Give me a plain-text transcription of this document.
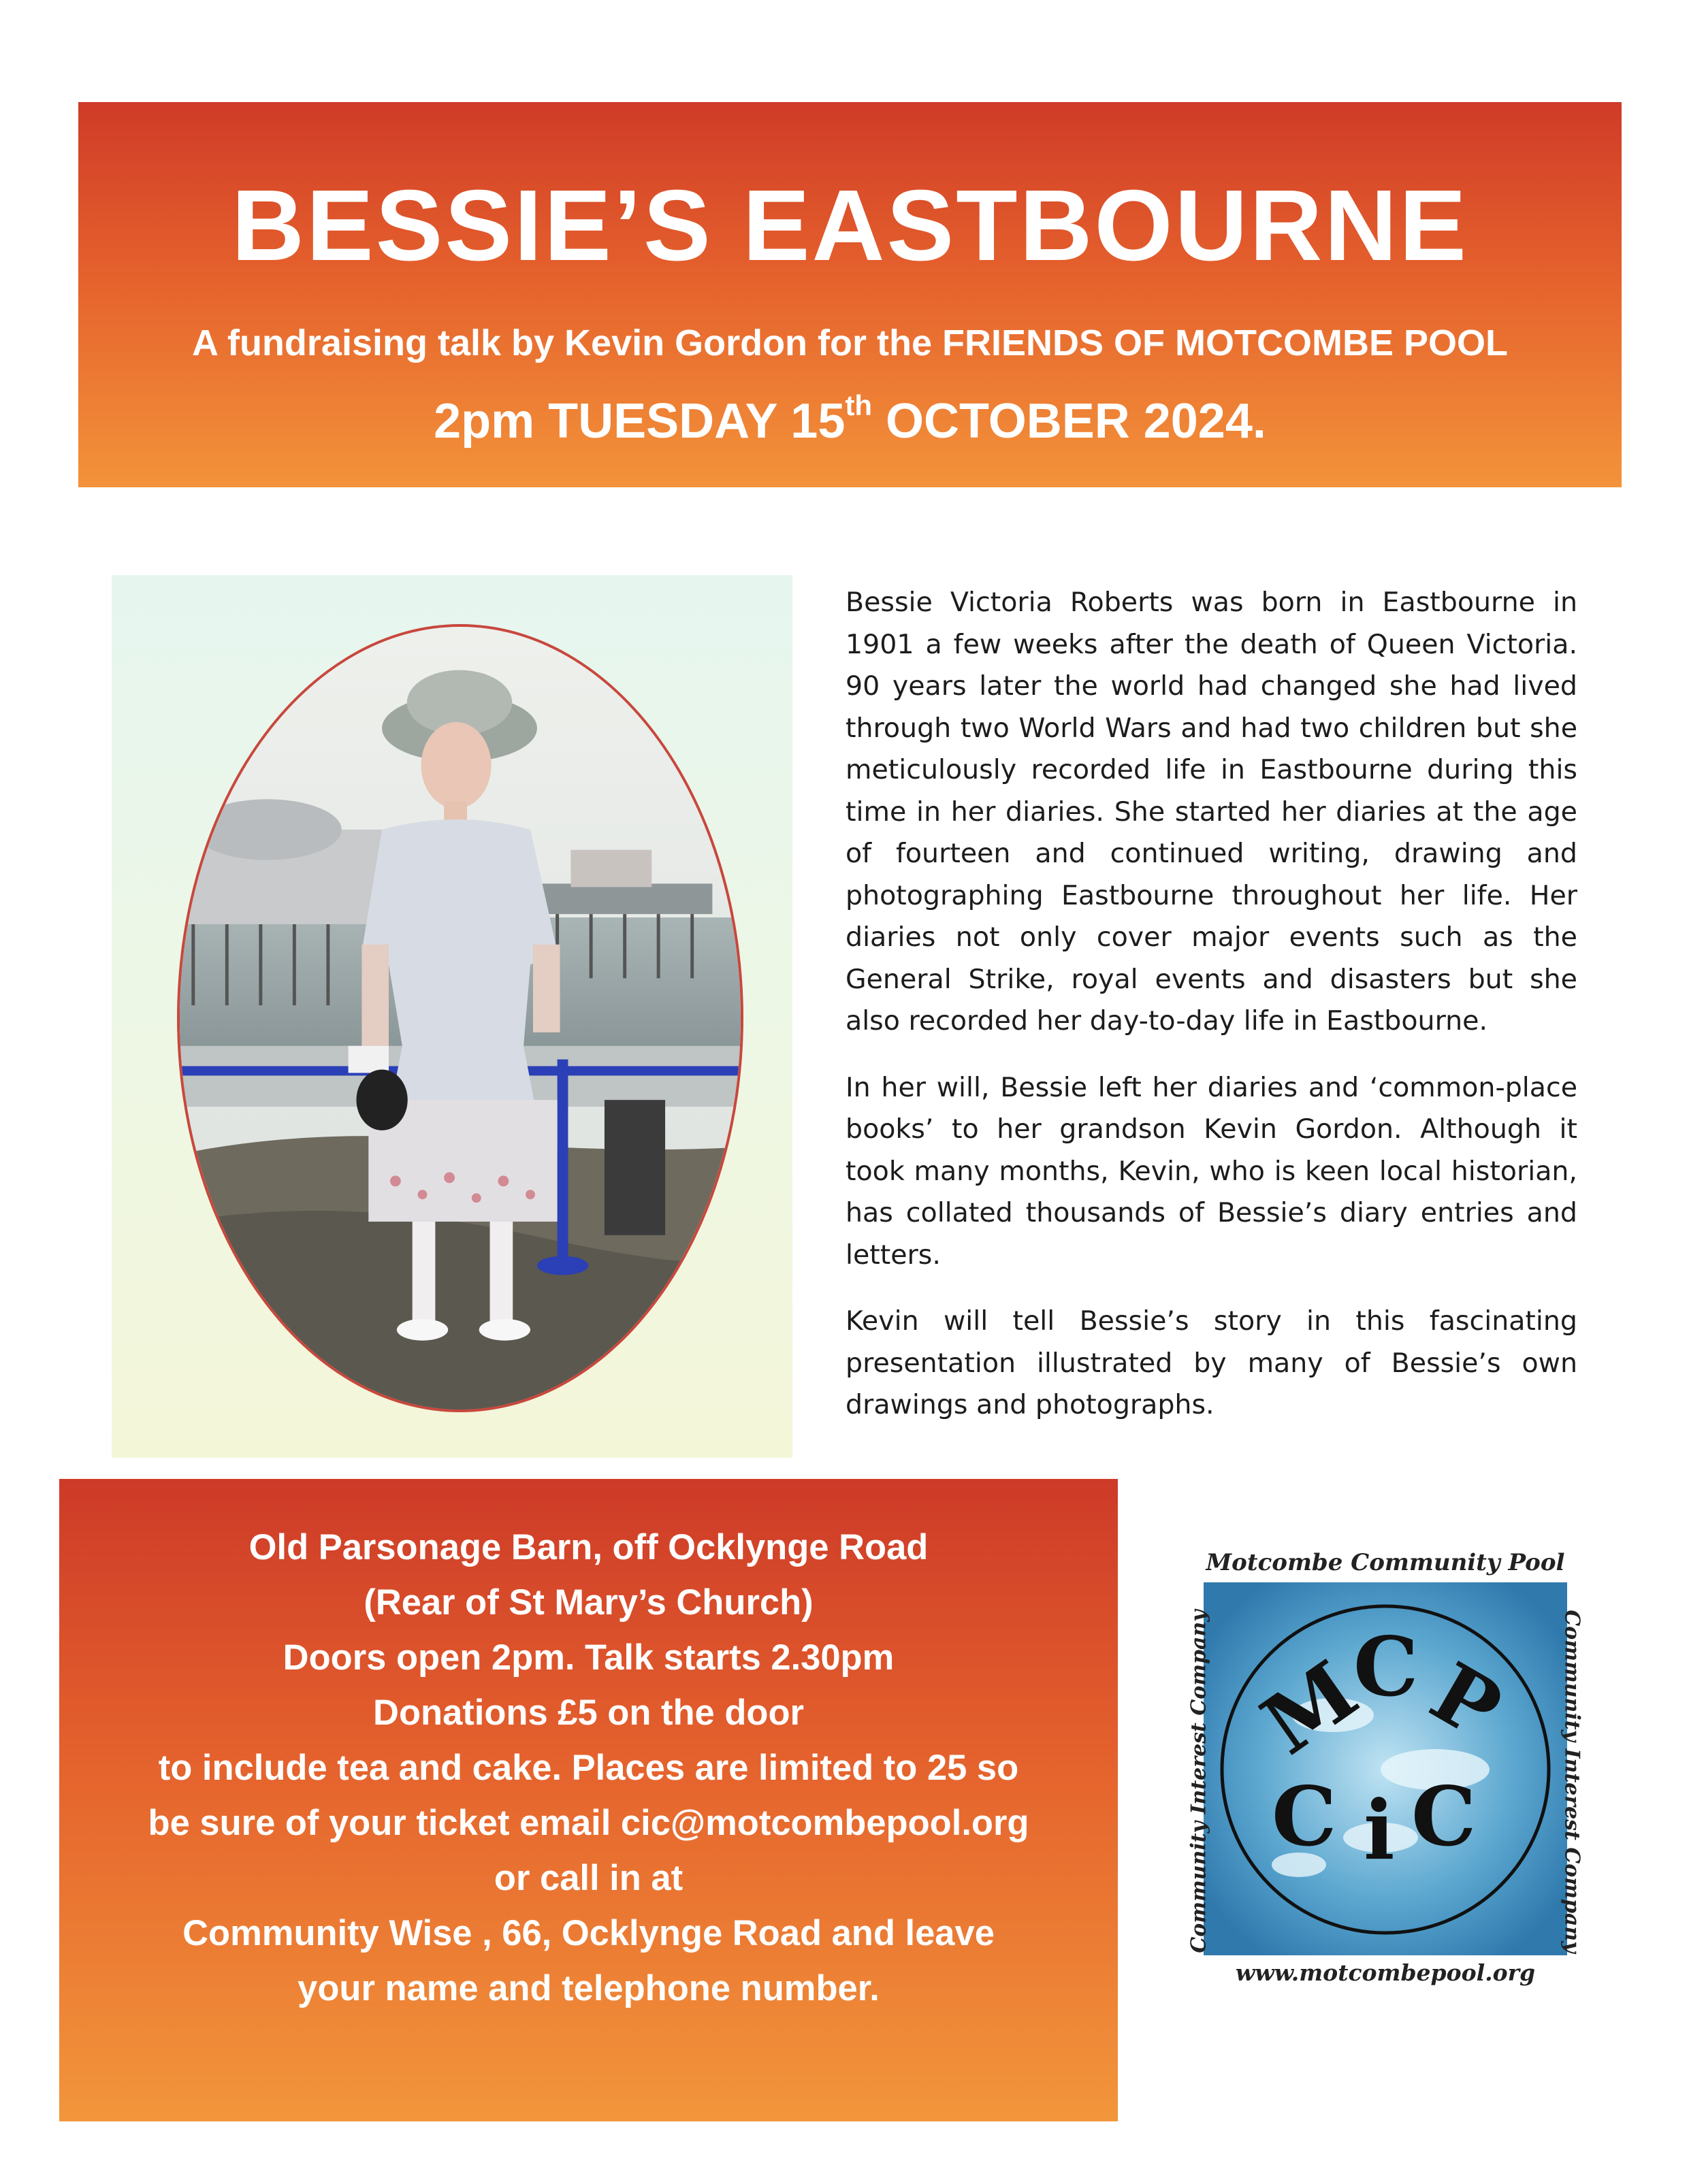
BESSIE’S EASTBOURNE
A fundraising talk by Kevin Gordon for the FRIENDS OF MOTCOMBE POOL
2pm TUESDAY 15th OCTOBER 2024.

Bessie Victoria Roberts was born in Eastbourne in 1901 a few weeks after the death of Queen Victoria. 90 years later the world had changed she had lived through two World Wars and had two children but she meticulously recorded life in Eastbourne during this time in her diaries. She started her diaries at the age of fourteen and continued writing, drawing and photographing Eastbourne throughout her life. Her diaries not only cover major events such as the General Strike, royal events and disasters but she also recorded her day-to-day life in Eastbourne.

In her will, Bessie left her diaries and ‘common-place books’ to her grandson Kevin Gordon. Although it took many months, Kevin, who is keen local historian, has collated thousands of Bessie’s diary entries and letters.

Kevin will tell Bessie’s story in this fascinating presentation illustrated by many of Bessie’s own drawings and photographs.

Old Parsonage Barn, off Ocklynge Road
(Rear of St Mary’s Church)
Doors open 2pm. Talk starts 2.30pm
Donations £5 on the door
to include tea and cake. Places are limited to 25 so
be sure of your ticket email cic@motcombepool.org
or call in at
Community Wise , 66, Ocklynge Road and leave
your name and telephone number.
Motcombe Community Pool
Community Interest Company	Community Interest Company
M
C
P
C i C
www.motcombepool.org
